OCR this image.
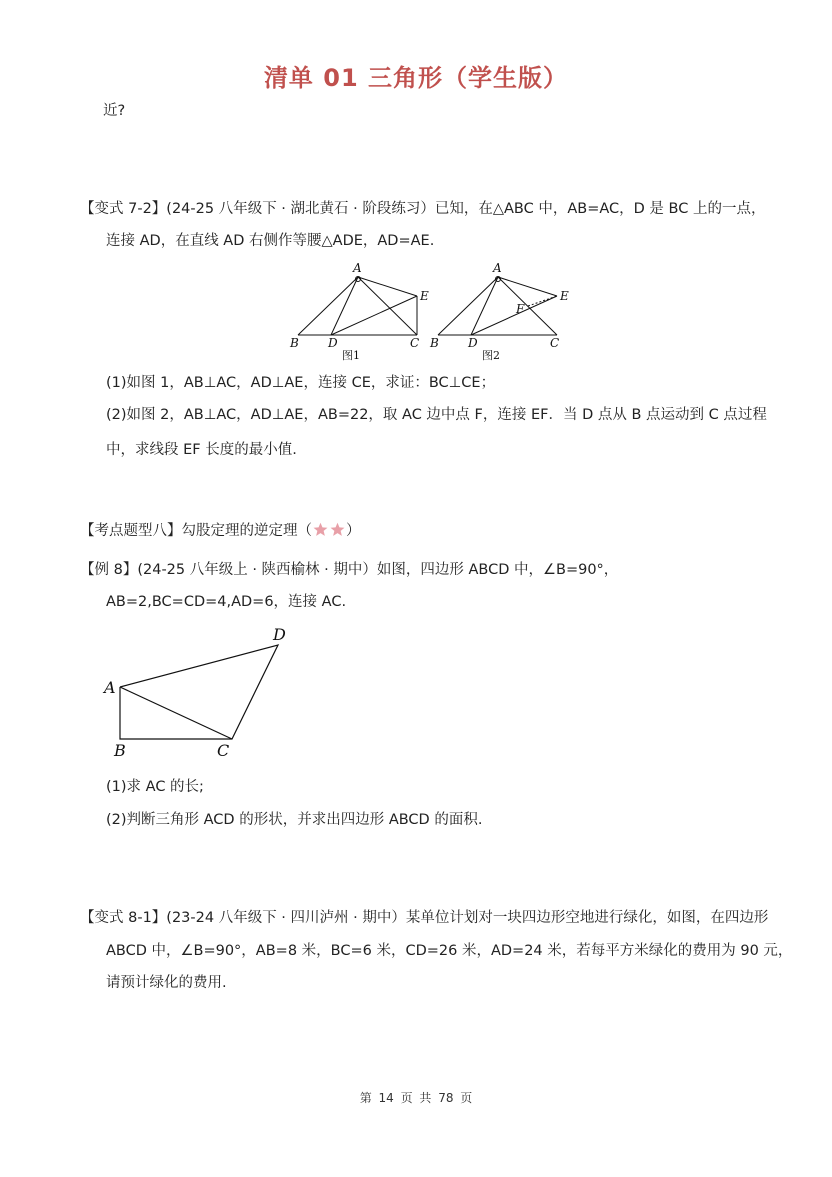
清单 01 三角形（学生版）
近?
【变式 7-2】(24-25 八年级下 · 湖北黄石 · 阶段练习）已知，在△ABC 中，AB=AC，D 是 BC 上的一点，
连接 AD，在直线 AD 右侧作等腰△ADE，AD=AE.
A
B D	C
E
图1
A
B D	C
E
F
图2
(1)如图 1，AB⊥AC，AD⊥AE，连接 CE，求证：BC⊥CE；
(2)如图 2，AB⊥AC，AD⊥AE，AB=22，取 AC 边中点 F，连接 EF．当 D 点从 B 点运动到 C 点过程
中，求线段 EF 长度的最小值.
【考点题型八】勾股定理的逆定理（ ）
【例 8】(24-25 八年级上 · 陕西榆林 · 期中）如图，四边形 ABCD 中，∠B=90°，
AB=2,BC=CD=4,AD=6，连接 AC.
A
B	C
D
(1)求 AC 的长;
(2)判断三角形 ACD 的形状，并求出四边形 ABCD 的面积.
【变式 8-1】(23-24 八年级下 · 四川泸州 · 期中）某单位计划对一块四边形空地进行绿化，如图，在四边形
ABCD 中，∠B=90°，AB=8 米，BC=6 米，CD=26 米，AD=24 米，若每平方米绿化的费用为 90 元，
请预计绿化的费用.
第 14 页 共 78 页
